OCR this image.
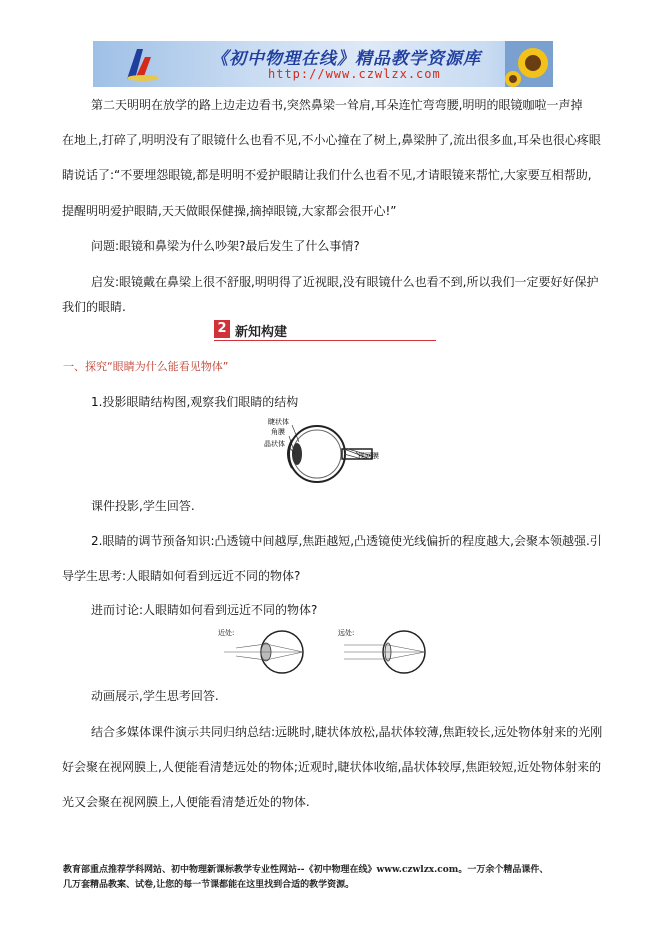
《初中物理在线》精品教学资源库
http://www.czwlzx.com
第二天明明在放学的路上边走边看书,突然鼻梁一耸肩,耳朵连忙弯弯腰,明明的眼镜咖啦一声掉
在地上,打碎了,明明没有了眼镜什么也看不见,不小心撞在了树上,鼻梁肿了,流出很多血,耳朵也很心疼眼
睛说话了:“不要埋怨眼镜,都是明明不爱护眼睛让我们什么也看不见,才请眼镜来帮忙,大家要互相帮助,
提醒明明爱护眼睛,天天做眼保健操,摘掉眼镜,大家都会很开心!”
问题:眼镜和鼻梁为什么吵架?最后发生了什么事情?
启发:眼镜戴在鼻梁上很不舒服,明明得了近视眼,没有眼镜什么也看不到,所以我们一定要好好保护
我们的眼睛.
2 新知构建
一、探究“眼睛为什么能看见物体”
1.投影眼睛结构图,观察我们眼睛的结构
睫状体
角膜
晶状体
视网膜
课件投影,学生回答.
2.眼睛的调节预备知识:凸透镜中间越厚,焦距越短,凸透镜使光线偏折的程度越大,会聚本领越强.引
导学生思考:人眼睛如何看到远近不同的物体?
进而讨论:人眼睛如何看到远近不同的物体?
近处:	远处:
动画展示,学生思考回答.
结合多媒体课件演示共同归纳总结:远眺时,睫状体放松,晶状体较薄,焦距较长,远处物体射来的光刚
好会聚在视网膜上,人便能看清楚远处的物体;近观时,睫状体收缩,晶状体较厚,焦距较短,近处物体射来的
光又会聚在视网膜上,人便能看清楚近处的物体.
教育部重点推荐学科网站、初中物理新课标教学专业性网站--《初中物理在线》www.czwlzx.com。一万余个精品课件、
几万套精品教案、试卷,让您的每一节课都能在这里找到合适的教学资源。
